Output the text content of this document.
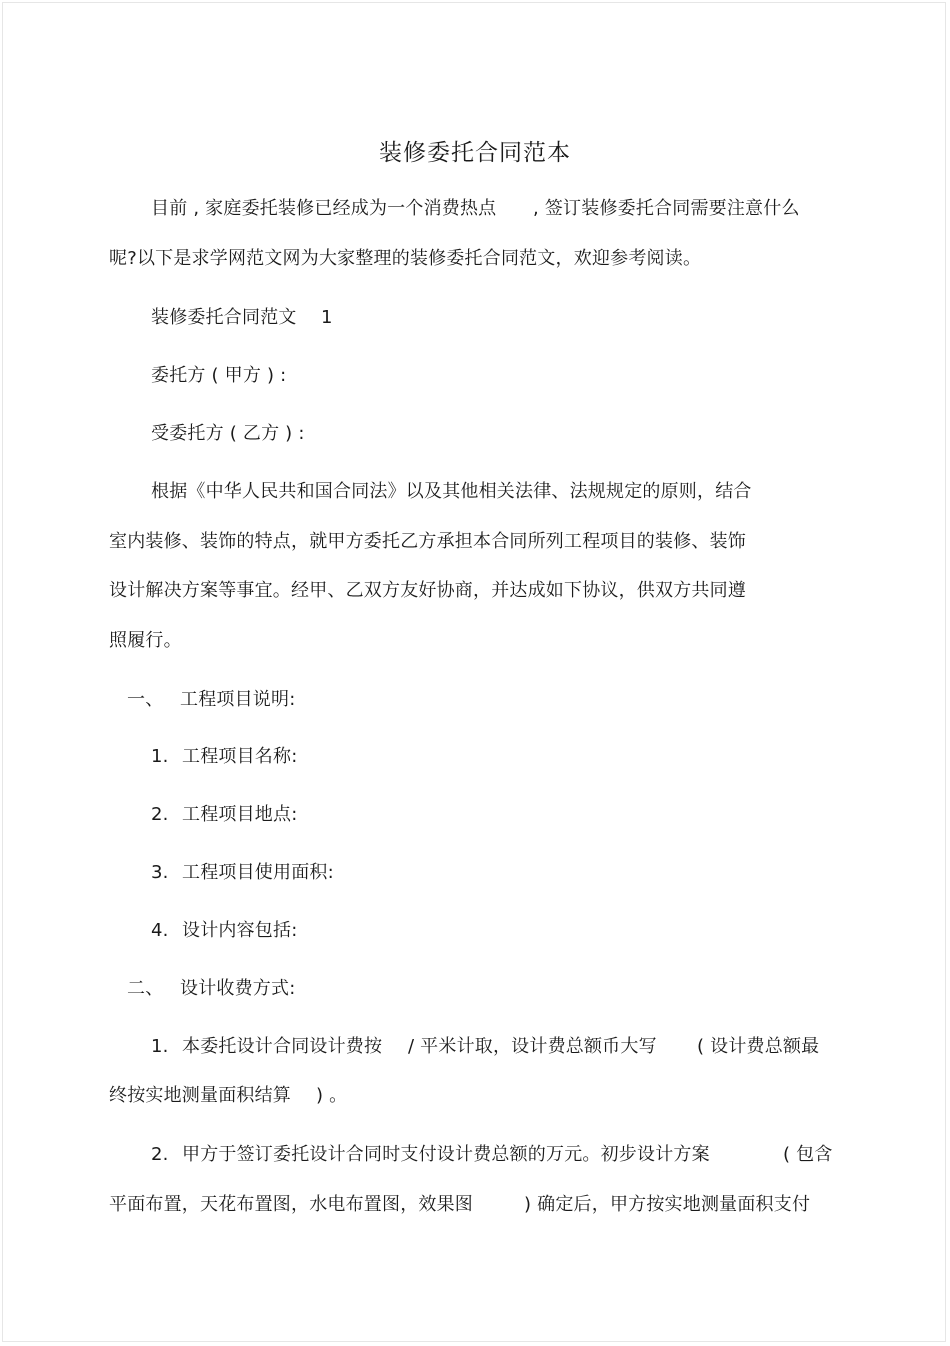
装修委托合同范本
目前 , 家庭委托装修已经成为一个消费热点 , 签订装修委托合同需要注意什么
呢?以下是求学网范文网为大家整理的装修委托合同范文，欢迎参考阅读。
装修委托合同范文 1
委托方 ( 甲方 ) :
受委托方 ( 乙方 ) :
根据《中华人民共和国合同法》以及其他相关法律、法规规定的原则，结合
室内装修、装饰的特点，就甲方委托乙方承担本合同所列工程项目的装修、装饰
设计解决方案等事宜。经甲、乙双方友好协商，并达成如下协议，供双方共同遵
照履行。
一、 工程项目说明:
1. 工程项目名称:
2. 工程项目地点:
3. 工程项目使用面积:
4. 设计内容包括:
二、 设计收费方式:
1. 本委托设计合同设计费按 / 平米计取，设计费总额币大写 ( 设计费总额最
终按实地测量面积结算 ) 。
2. 甲方于签订委托设计合同时支付设计费总额的万元。初步设计方案	( 包含
平面布置，天花布置图，水电布置图，效果图	) 确定后，甲方按实地测量面积支付
